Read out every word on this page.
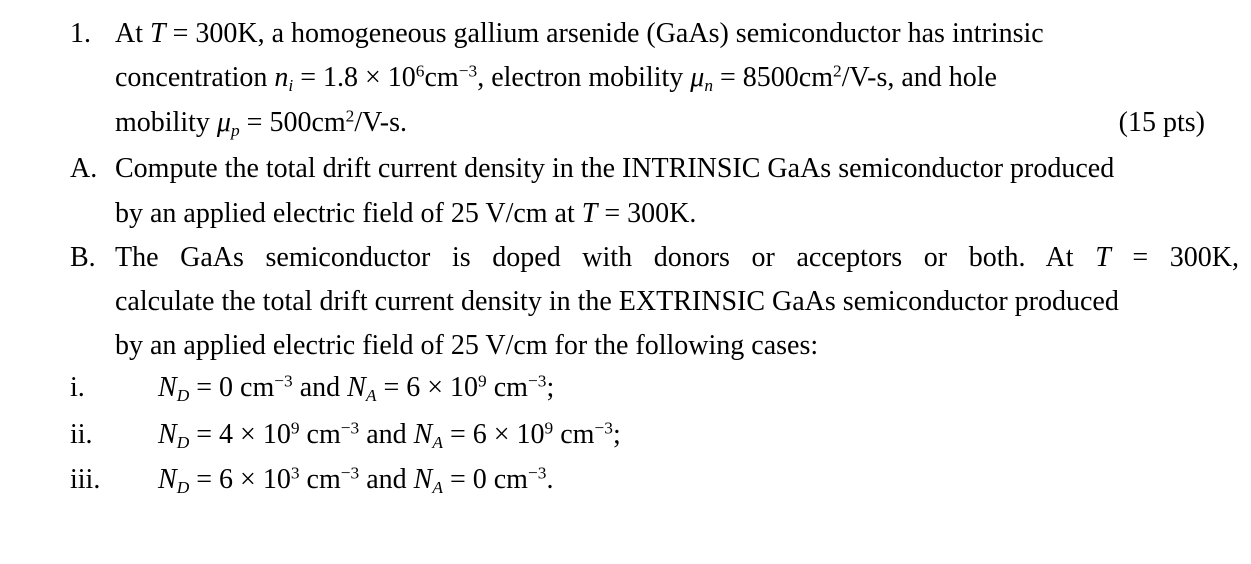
1. At T = 300K, a homogeneous gallium arsenide (GaAs) semiconductor has intrinsic
concentration $n_i = 1.8 \times 10^6cm^{-3}$, electron mobility $\mu_n = 8500cm^2/V-s$, and hole
mobility $\mu_p = 500cm^2/V-s$.	(15 pts)
A. Compute the total drift current density in the INTRINSIC GaAs semiconductor produced
by an applied electric field of 25 V/cm at T = 300K.
B. The GaAs semiconductor is doped with donors or acceptors or both. At T = 300K,
calculate the total drift current density in the EXTRINSIC GaAs semiconductor produced
by an applied electric field of 25 V/cm for the following cases:
i.	$N_D = 0$ $cm^{-3}$ and $N_A = 6 \times 10^9$ $cm^{-3}$;
ii. $N_D = 4 \times 10^9$ $cm^{-3}$ and $N_A = 6 \times 10^9$ $cm^{-3}$;
iii. $N_D = 6 \times 10^3$ $cm^{-3}$ and $N_A = 0$ $cm^{-3}$.
